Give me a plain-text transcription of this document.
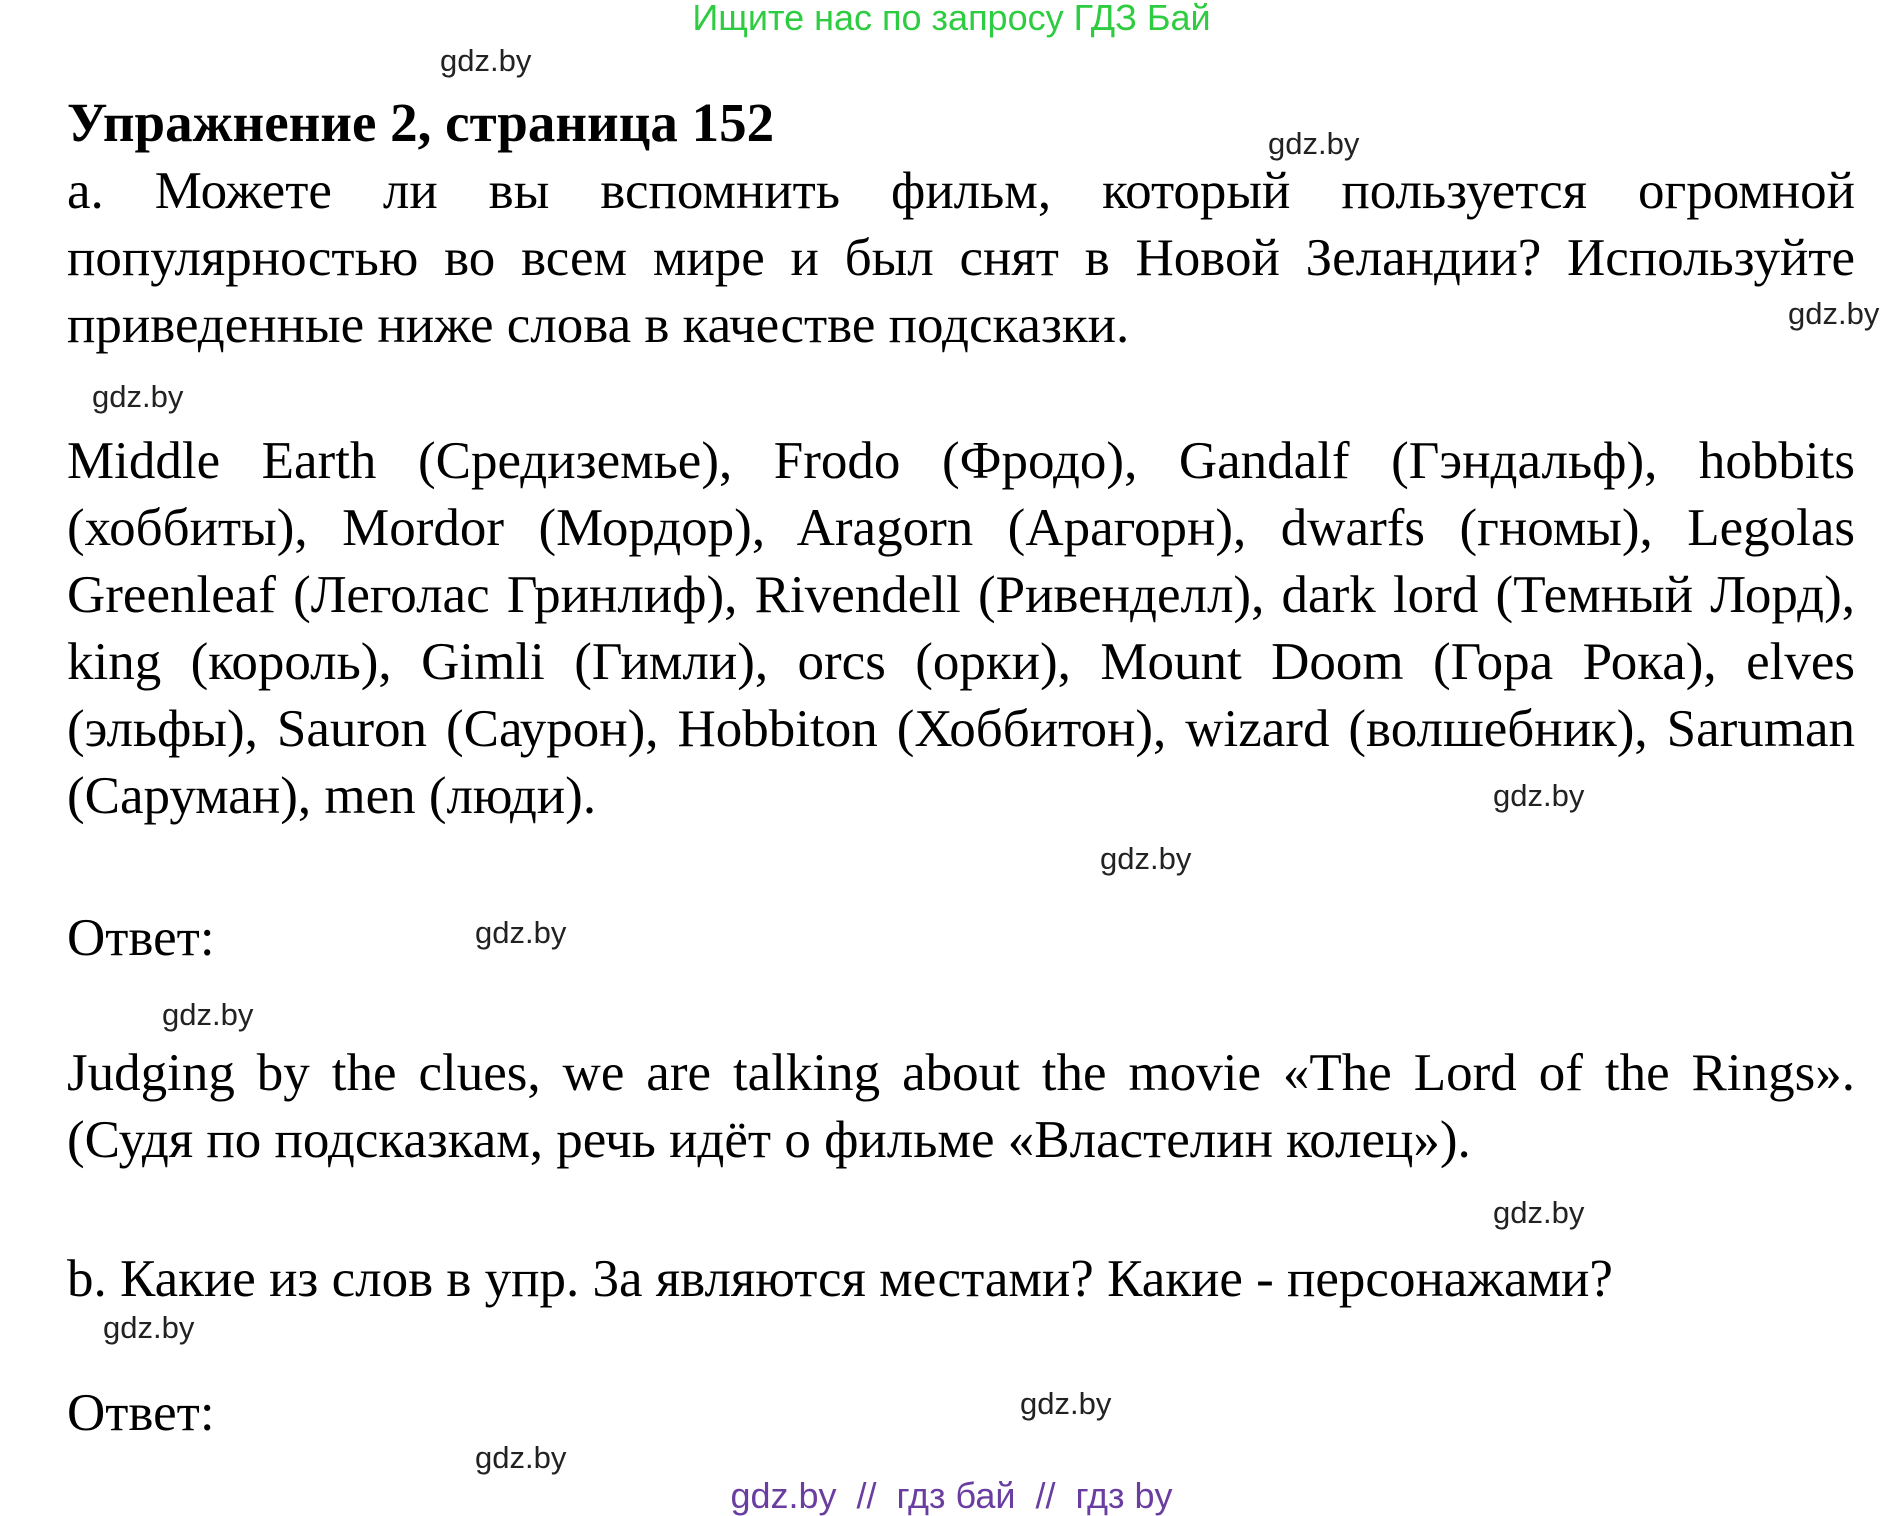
Ищите нас по запросу ГДЗ Бай
gdz.by
Упражнение 2, страница 152	gdz.by
a. Можете ли вы вспомнить фильм, который пользуется огромной популярностью во всем мире и был снят в Новой Зеландии? Используйте приведенные ниже слова в качестве подсказки.	gdz.by
gdz.by
Middle Earth (Средиземье), Frodo (Фродо), Gandalf (Гэндальф), hobbits (хоббиты), Mordor (Мордор), Aragorn (Арагорн), dwarfs (гномы), Legolas Greenleaf (Леголас Гринлиф), Rivendell (Ривенделл), dark lord (Темный Лорд), king (король), Gimli (Гимли), orcs (орки), Mount Doom (Гора Рока), elves (эльфы), Sauron (Саурон), Hobbiton (Хоббитон), wizard (волшебник), Saruman (Саруман), men (люди).	gdz.by
gdz.by
Ответ:	gdz.by
gdz.by
Judging by the clues, we are talking about the movie «The Lord of the Rings». (Судя по подсказкам, речь идёт о фильме «Властелин колец»).
gdz.by
b. Какие из слов в упр. 3а являются местами? Какие - персонажами?
gdz.by
Ответ:	gdz.by
gdz.by
gdz.by  //  гдз бай  //  гдз by
